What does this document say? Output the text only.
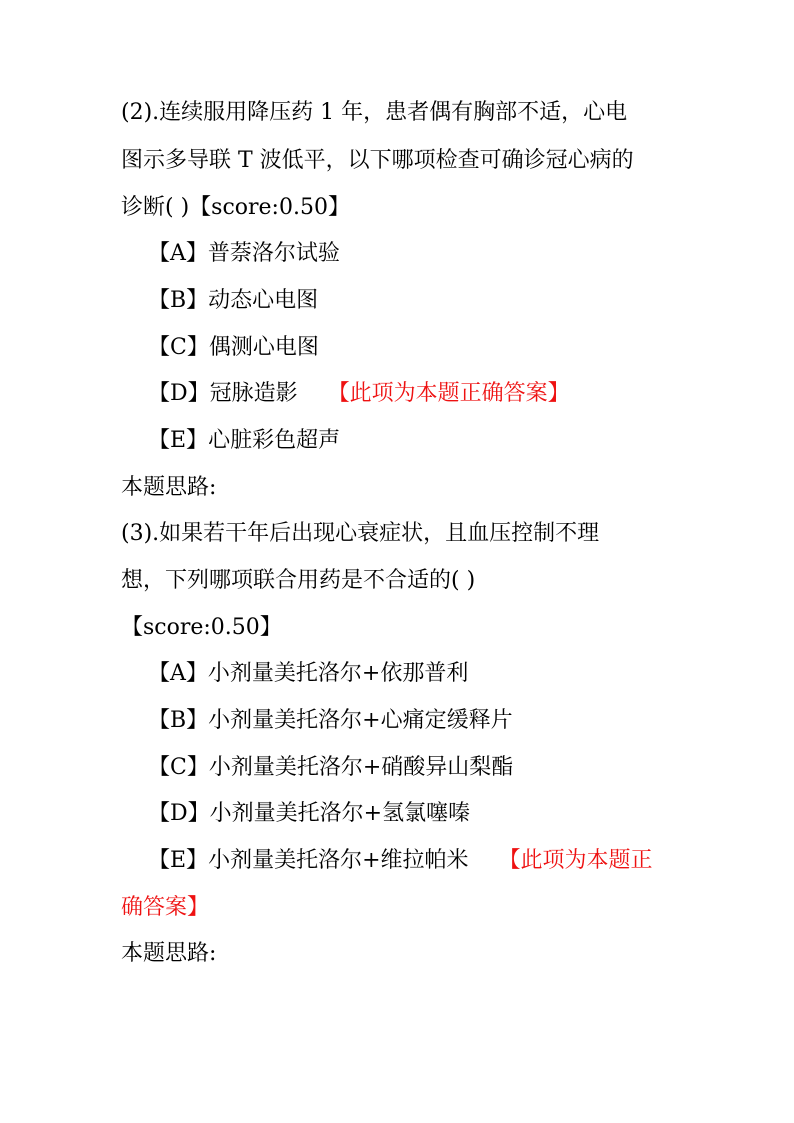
(2).连续服用降压药 1 年，患者偶有胸部不适，心电
图示多导联 T 波低平，以下哪项检查可确诊冠心病的
诊断( )【score:0.50】
【A】普萘洛尔试验
【B】动态心电图
【C】偶测心电图
【D】冠脉造影 【此项为本题正确答案】
【E】心脏彩色超声
本题思路:
(3).如果若干年后出现心衰症状，且血压控制不理
想，下列哪项联合用药是不合适的( )
【score:0.50】
【A】小剂量美托洛尔+依那普利
【B】小剂量美托洛尔+心痛定缓释片
【C】小剂量美托洛尔+硝酸异山梨酯
【D】小剂量美托洛尔+氢氯噻嗪
【E】小剂量美托洛尔+维拉帕米 【此项为本题正
确答案】
本题思路:
